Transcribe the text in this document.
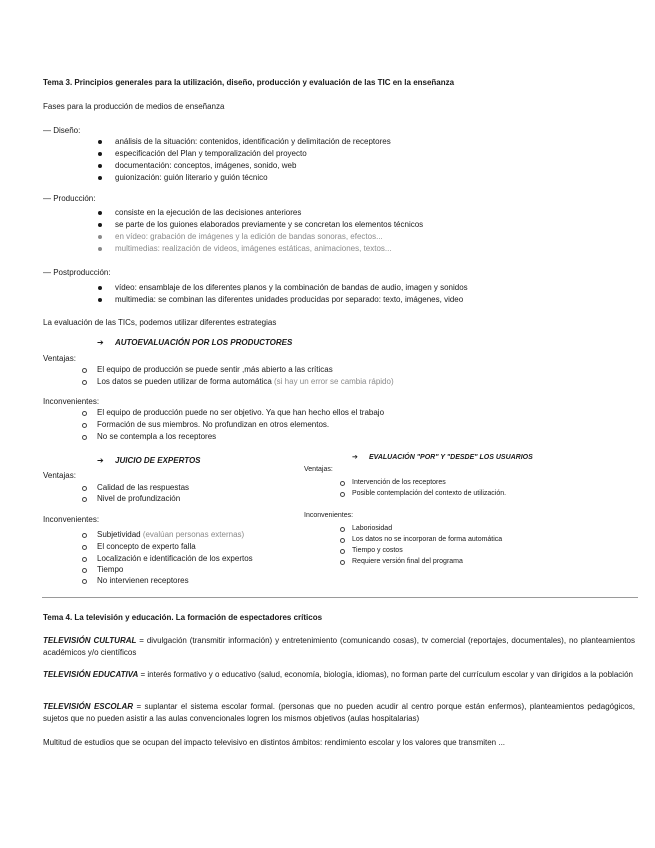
Tema 3. Principios generales para la utilización, diseño, producción y evaluación de las TIC en la enseñanza
Fases para la producción de medios de enseñanza
— Diseño:
análisis de la situación: contenidos, identificación y delimitación de receptores
especificación del Plan y temporalización del proyecto
documentación: conceptos, imágenes, sonido, web
guionización: guión literario y guión técnico
— Producción:
consiste en la ejecución de las decisiones anteriores
se parte de los guiones elaborados previamente y se concretan los elementos técnicos
en vídeo: grabación de imágenes y la edición de bandas sonoras, efectos...
multimedias: realización de videos, imágenes estáticas, animaciones, textos...
— Postproducción:
vídeo: ensamblaje de los diferentes planos y la combinación de bandas de audio, imagen y sonidos
multimedia: se combinan las diferentes unidades producidas por separado: texto, imágenes, video
La evaluación de las TICs, podemos utilizar diferentes estrategias
➔ AUTOEVALUACIÓN POR LOS PRODUCTORES
Ventajas:
El equipo de producción se puede sentir ,más abierto a las críticas
Los datos se pueden utilizar de forma automática (si hay un error se cambia rápido)
Inconvenientes:
El equipo de producción puede no ser objetivo. Ya que han hecho ellos el trabajo
Formación de sus miembros. No profundizan en otros elementos.
No se contempla a los receptores
➔ JUICIO DE EXPERTOS
Ventajas:
Calidad de las respuestas
Nivel de profundización
Inconvenientes:
Subjetividad (evalúan personas externas)
El concepto de experto falla
Localización e identificación de los expertos
Tiempo
No intervienen receptores
➔ EVALUACIÓN "POR" Y "DESDE" LOS USUARIOS
Ventajas:
Intervención de los receptores
Posible contemplación del contexto de utilización.
Inconvenientes:
Laboriosidad
Los datos no se incorporan de forma automática
Tiempo y costos
Requiere versión final del programa
Tema 4. La televisión y educación. La formación de espectadores críticos
TELEVISIÓN CULTURAL = divulgación (transmitir información) y entretenimiento (comunicando cosas), tv comercial (reportajes, documentales), no planteamientos académicos y/o científicos
TELEVISIÓN EDUCATIVA = interés formativo y o educativo (salud, economía, biología, idiomas), no forman parte del currículum escolar y van dirigidos a la población
TELEVISIÓN ESCOLAR = suplantar el sistema escolar formal. (personas que no pueden acudir al centro porque están enfermos), planteamientos pedagógicos, sujetos que no pueden asistir a las aulas convencionales logren los mismos objetivos (aulas hospitalarias)
Multitud de estudios que se ocupan del impacto televisivo en distintos ámbitos: rendimiento escolar y los valores que transmiten ...
